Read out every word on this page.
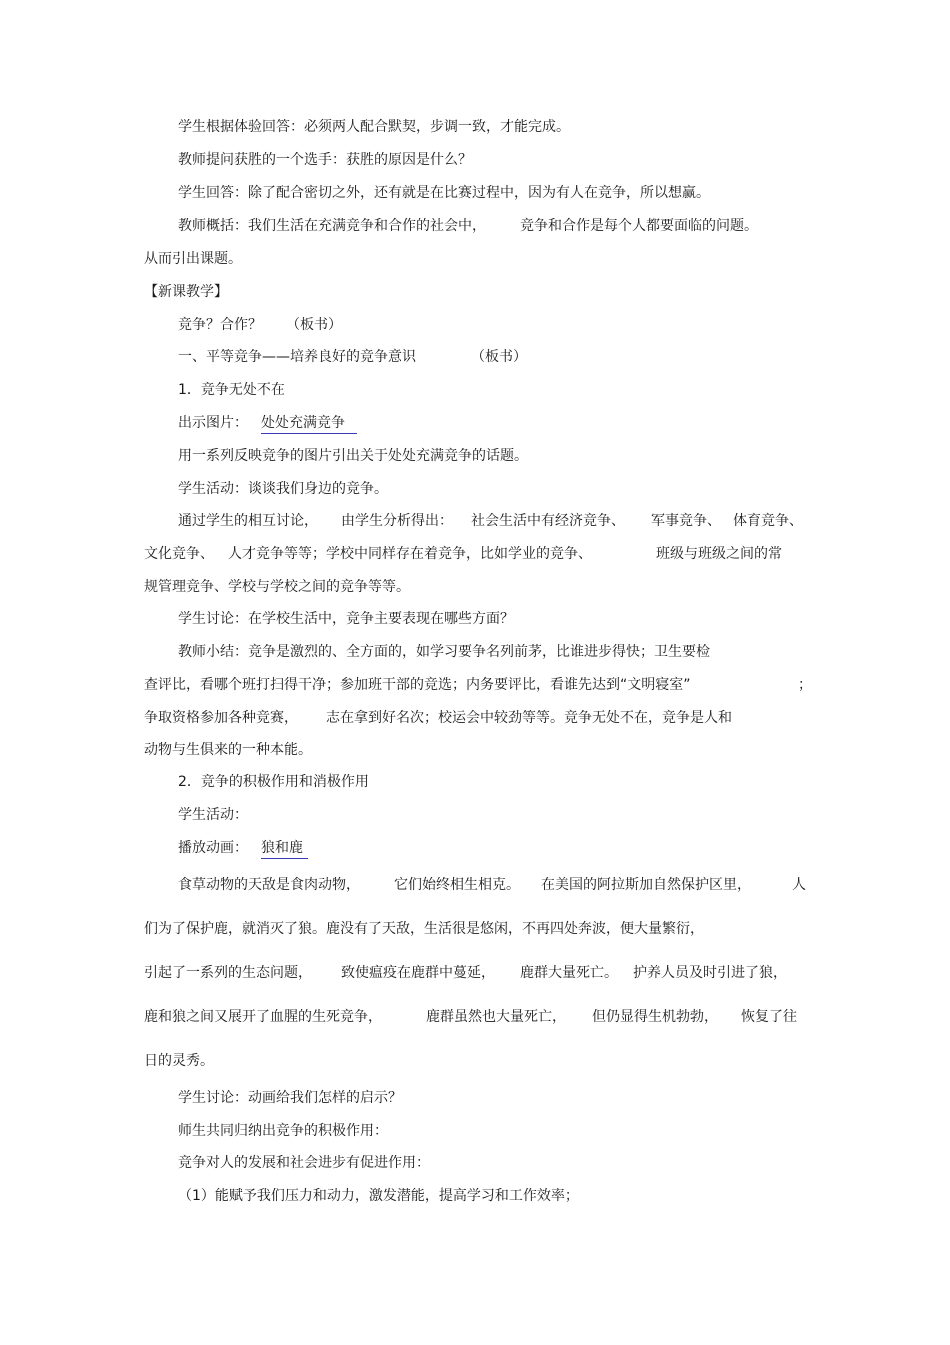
学生根据体验回答：必须两人配合默契，步调一致，才能完成。
教师提问获胜的一个选手：获胜的原因是什么？
学生回答：除了配合密切之外，还有就是在比赛过程中，因为有人在竞争，所以想赢。
教师概括：我们生活在充满竞争和合作的社会中， 竞争和合作是每个人都要面临的问题。
从而引出课题。
【新课教学】
竞争？合作？ （板书）
一、平等竞争——培养良好的竞争意识	（板书）
1．竞争无处不在
出示图片： 处处充满竞争
用一系列反映竞争的图片引出关于处处充满竞争的话题。
学生活动：谈谈我们身边的竞争。
通过学生的相互讨论， 由学生分析得出： 社会生活中有经济竞争、 军事竞争、 体育竞争、
文化竞争、 人才竞争等等；学校中同样存在着竞争，比如学业的竞争、	班级与班级之间的常
规管理竞争、学校与学校之间的竞争等等。
学生讨论：在学校生活中，竞争主要表现在哪些方面？
教师小结：竞争是激烈的、全方面的，如学习要争名列前茅，比谁进步得快；卫生要检
查评比，看哪个班打扫得干净；参加班干部的竞选；内务要评比，看谁先达到“文明寝室”	；
争取资格参加各种竞赛， 志在拿到好名次；校运会中较劲等等。竞争无处不在，竞争是人和
动物与生俱来的一种本能。
2．竞争的积极作用和消极作用
学生活动：
播放动画： 狼和鹿
食草动物的天敌是食肉动物， 它们始终相生相克。 在美国的阿拉斯加自然保护区里，	人
们为了保护鹿，就消灭了狼。鹿没有了天敌，生活很是悠闲，不再四处奔波，便大量繁衍，
引起了一系列的生态问题， 致使瘟疫在鹿群中蔓延， 鹿群大量死亡。 护养人员及时引进了狼，
鹿和狼之间又展开了血腥的生死竞争，	鹿群虽然也大量死亡， 但仍显得生机勃勃， 恢复了往
日的灵秀。
学生讨论：动画给我们怎样的启示？
师生共同归纳出竞争的积极作用：
竞争对人的发展和社会进步有促进作用：
（1）能赋予我们压力和动力，激发潜能，提高学习和工作效率；
